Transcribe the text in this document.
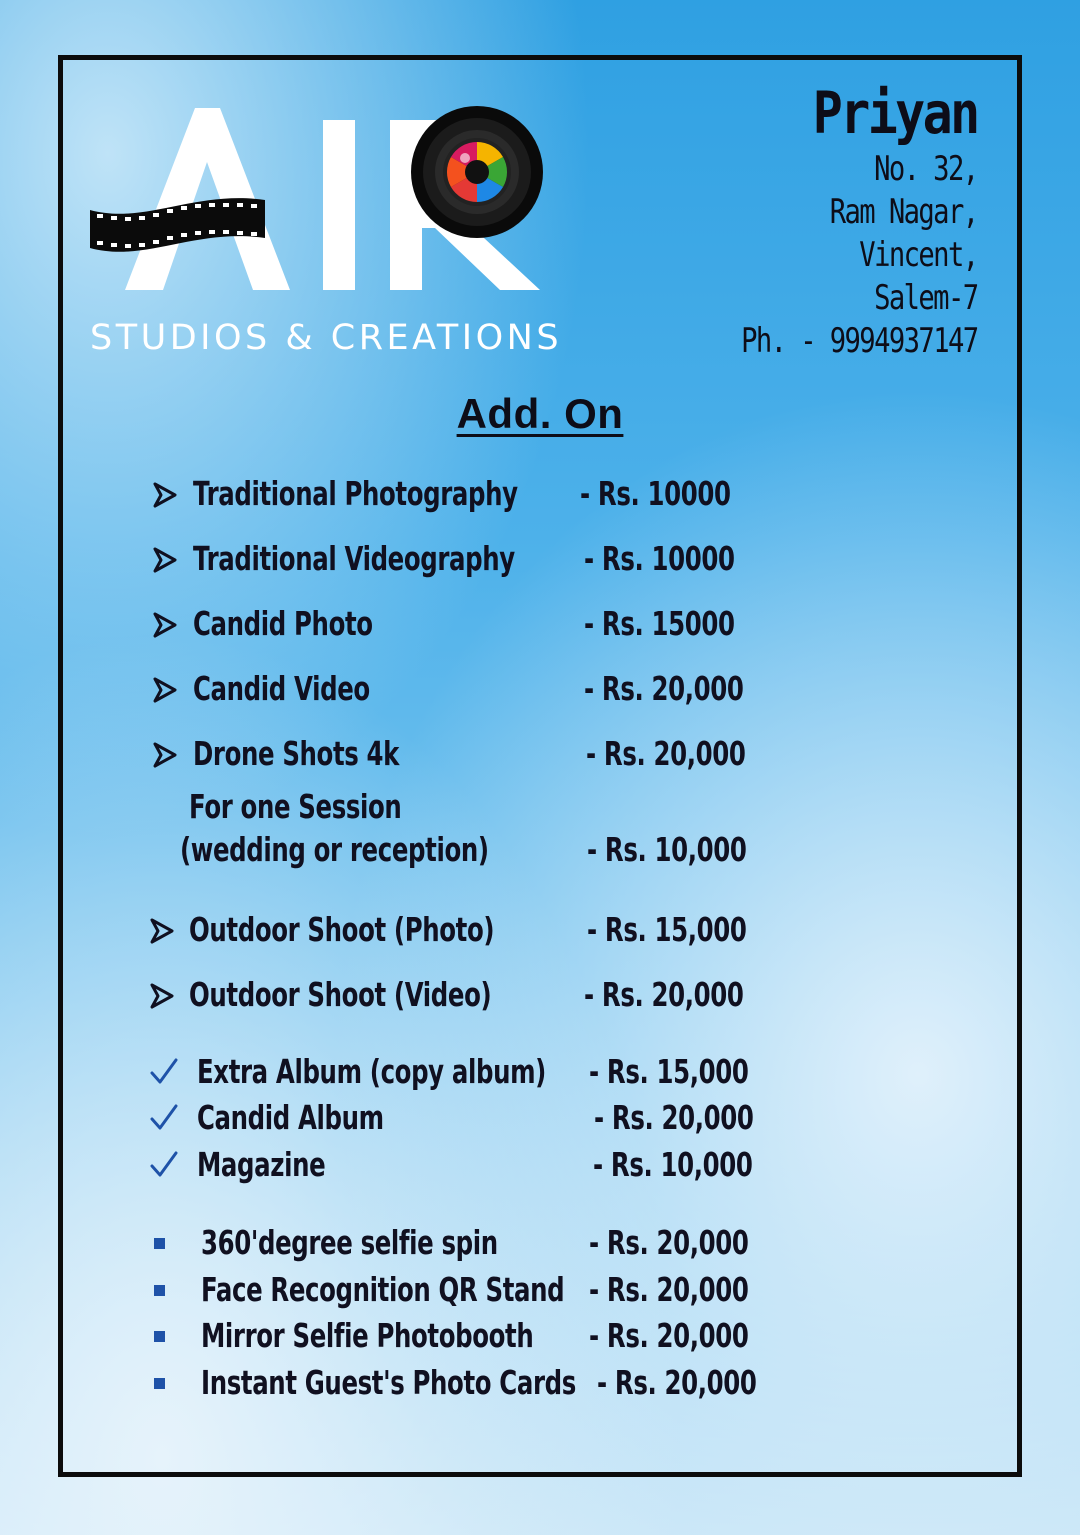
STUDIOS & CREATIONS
Priyan
No. 32,
Ram Nagar,
Vincent,
Salem-7
Ph. - 9994937147
Add. On
Traditional Photography - Rs. 10000
Traditional Videography - Rs. 10000
Candid Photo	- Rs. 15000
Candid Video	- Rs. 20,000
Drone Shots 4k	- Rs. 20,000
For one Session
(wedding or reception)	- Rs. 10,000
Outdoor Shoot (Photo)	- Rs. 15,000
Outdoor Shoot (Video)	- Rs. 20,000
Extra Album (copy album) - Rs. 15,000
Candid Album	- Rs. 20,000
Magazine	- Rs. 10,000
360'degree selfie spin	- Rs. 20,000
Face Recognition QR Stand - Rs. 20,000
Mirror Selfie Photobooth - Rs. 20,000
Instant Guest's Photo Cards - Rs. 20,000
